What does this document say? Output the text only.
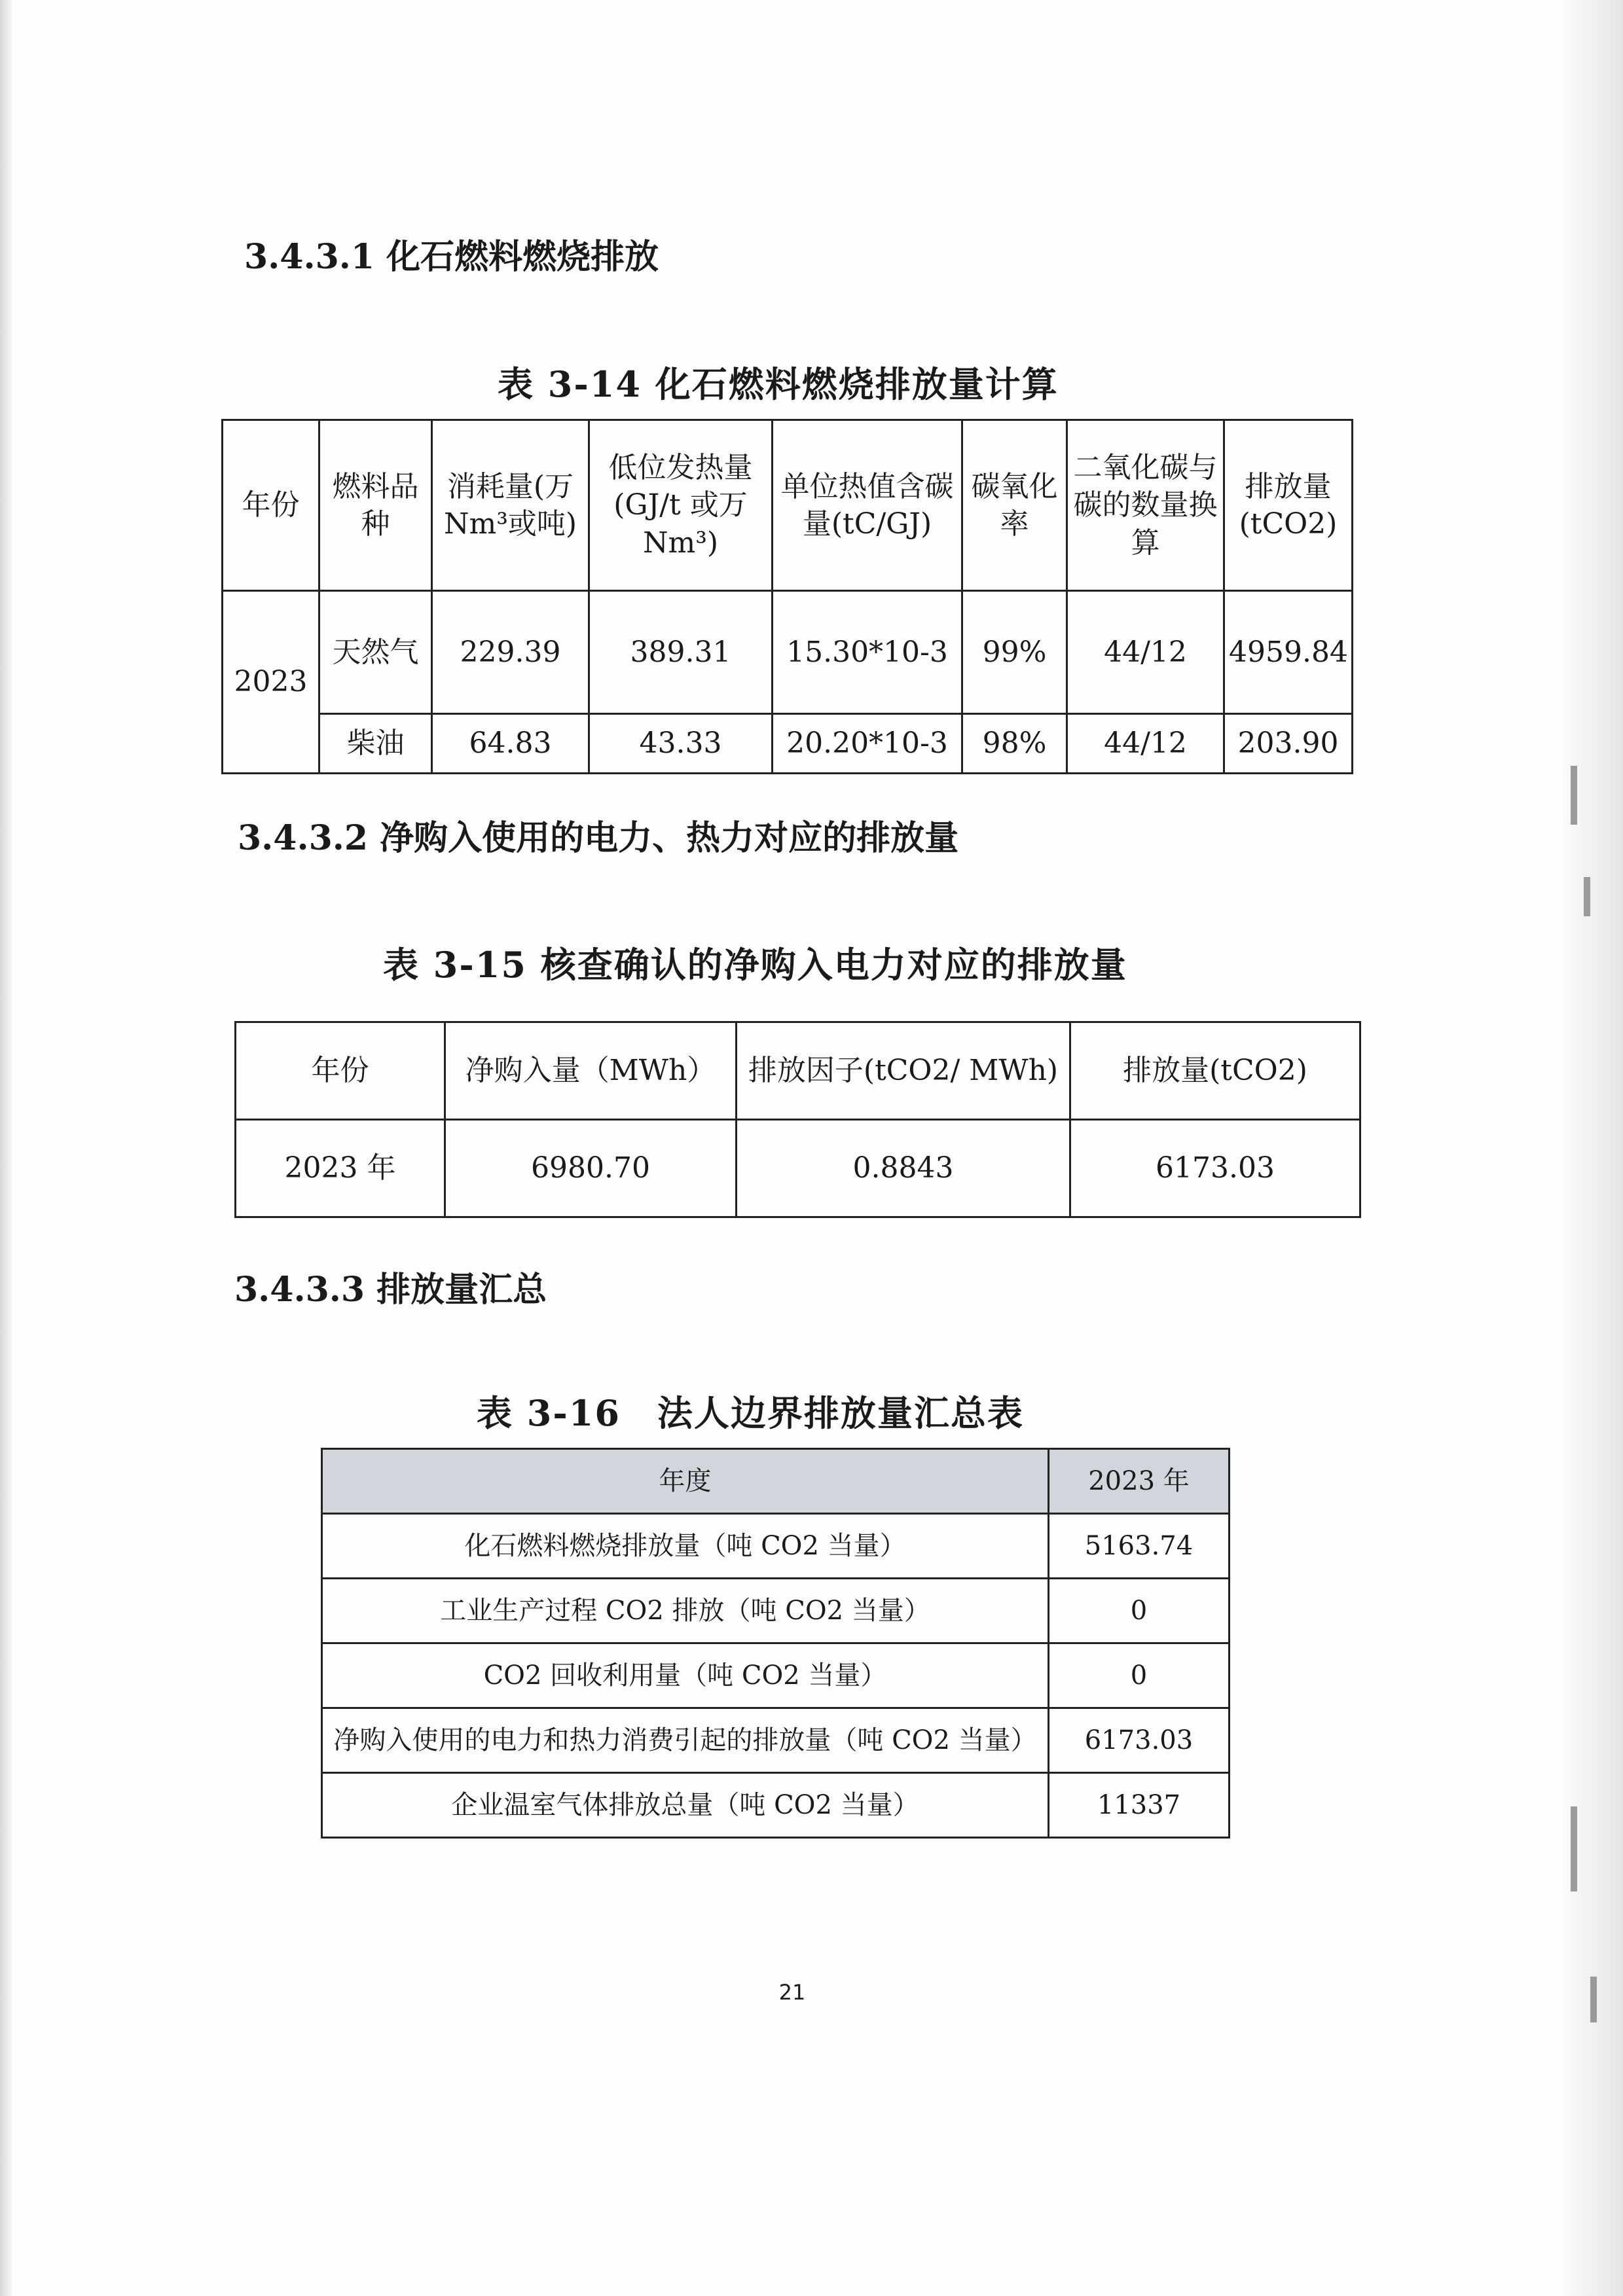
3.4.3.1 化石燃料燃烧排放
表 3-14 化石燃料燃烧排放量计算
年份	燃料品种	消耗量(万 Nm³或吨)	低位发热量(GJ/t 或万 Nm³)	单位热值含碳量(tC/GJ)	碳氧化率	二氧化碳与碳的数量换算	排放量(tCO2)
2023	天然气	229.39	389.31	15.30*10-3	99%	44/12	4959.84
	柴油	64.83	43.33	20.20*10-3	98%	44/12	203.90
3.4.3.2 净购入使用的电力、热力对应的排放量
表 3-15 核查确认的净购入电力对应的排放量
年份	净购入量（MWh）	排放因子(tCO2/ MWh)	排放量(tCO2)
2023 年	6980.70	0.8843	6173.03
3.4.3.3 排放量汇总
表 3-16　法人边界排放量汇总表
年度	2023 年
化石燃料燃烧排放量（吨 CO2 当量）	5163.74
工业生产过程 CO2 排放（吨 CO2 当量）	0
CO2 回收利用量（吨 CO2 当量）	0
净购入使用的电力和热力消费引起的排放量（吨 CO2 当量）	6173.03
企业温室气体排放总量（吨 CO2 当量）	11337
21
